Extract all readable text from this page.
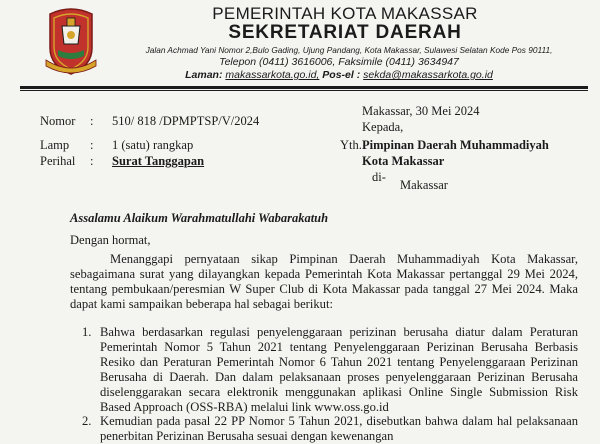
PEMERINTAH KOTA MAKASSAR
SEKRETARIAT DAERAH
Jalan Achmad Yani Nomor 2,Bulo Gading, Ujung Pandang, Kota Makassar, Sulawesi Selatan Kode Pos 90111,
Telepon (0411) 3616006, Faksimile (0411) 3634947
Laman: makassarkota.go.id, Pos-el : sekda@makassarkota.go.id
Nomor : 510/ 818 /DPMPTSP/V/2024
Lamp : 1 (satu) rangkap
Perihal : Surat Tanggapan
Makassar, 30 Mei 2024
Kepada,
Yth. Pimpinan Daerah Muhammadiyah
Kota Makassar
di-
Makassar
Assalamu Alaikum Warahmatullahi Wabarakatuh
Dengan hormat,
Menanggapi pernyataan sikap Pimpinan Daerah Muhammadiyah Kota Makassar, sebagaimana surat yang dilayangkan kepada Pemerintah Kota Makassar pertanggal 29 Mei 2024, tentang pembukaan/peresmian W Super Club di Kota Makassar pada tanggal 27 Mei 2024. Maka dapat kami sampaikan beberapa hal sebagai berikut:
1. Bahwa berdasarkan regulasi penyelenggaraan perizinan berusaha diatur dalam Peraturan Pemerintah Nomor 5 Tahun 2021 tentang Penyelenggaraan Perizinan Berusaha Berbasis Resiko dan Peraturan Pemerintah Nomor 6 Tahun 2021 tentang Penyelenggaraan Perizinan Berusaha di Daerah. Dan dalam pelaksanaan proses penyelenggaraan Perizinan Berusaha diselenggarakan secara elektronik menggunakan aplikasi Online Single Submission Risk Based Approach (OSS-RBA) melalui link www.oss.go.id
2. Kemudian pada pasal 22 PP Nomor 5 Tahun 2021, disebutkan bahwa dalam hal pelaksanaan penerbitan Perizinan Berusaha sesuai dengan kewenangan
